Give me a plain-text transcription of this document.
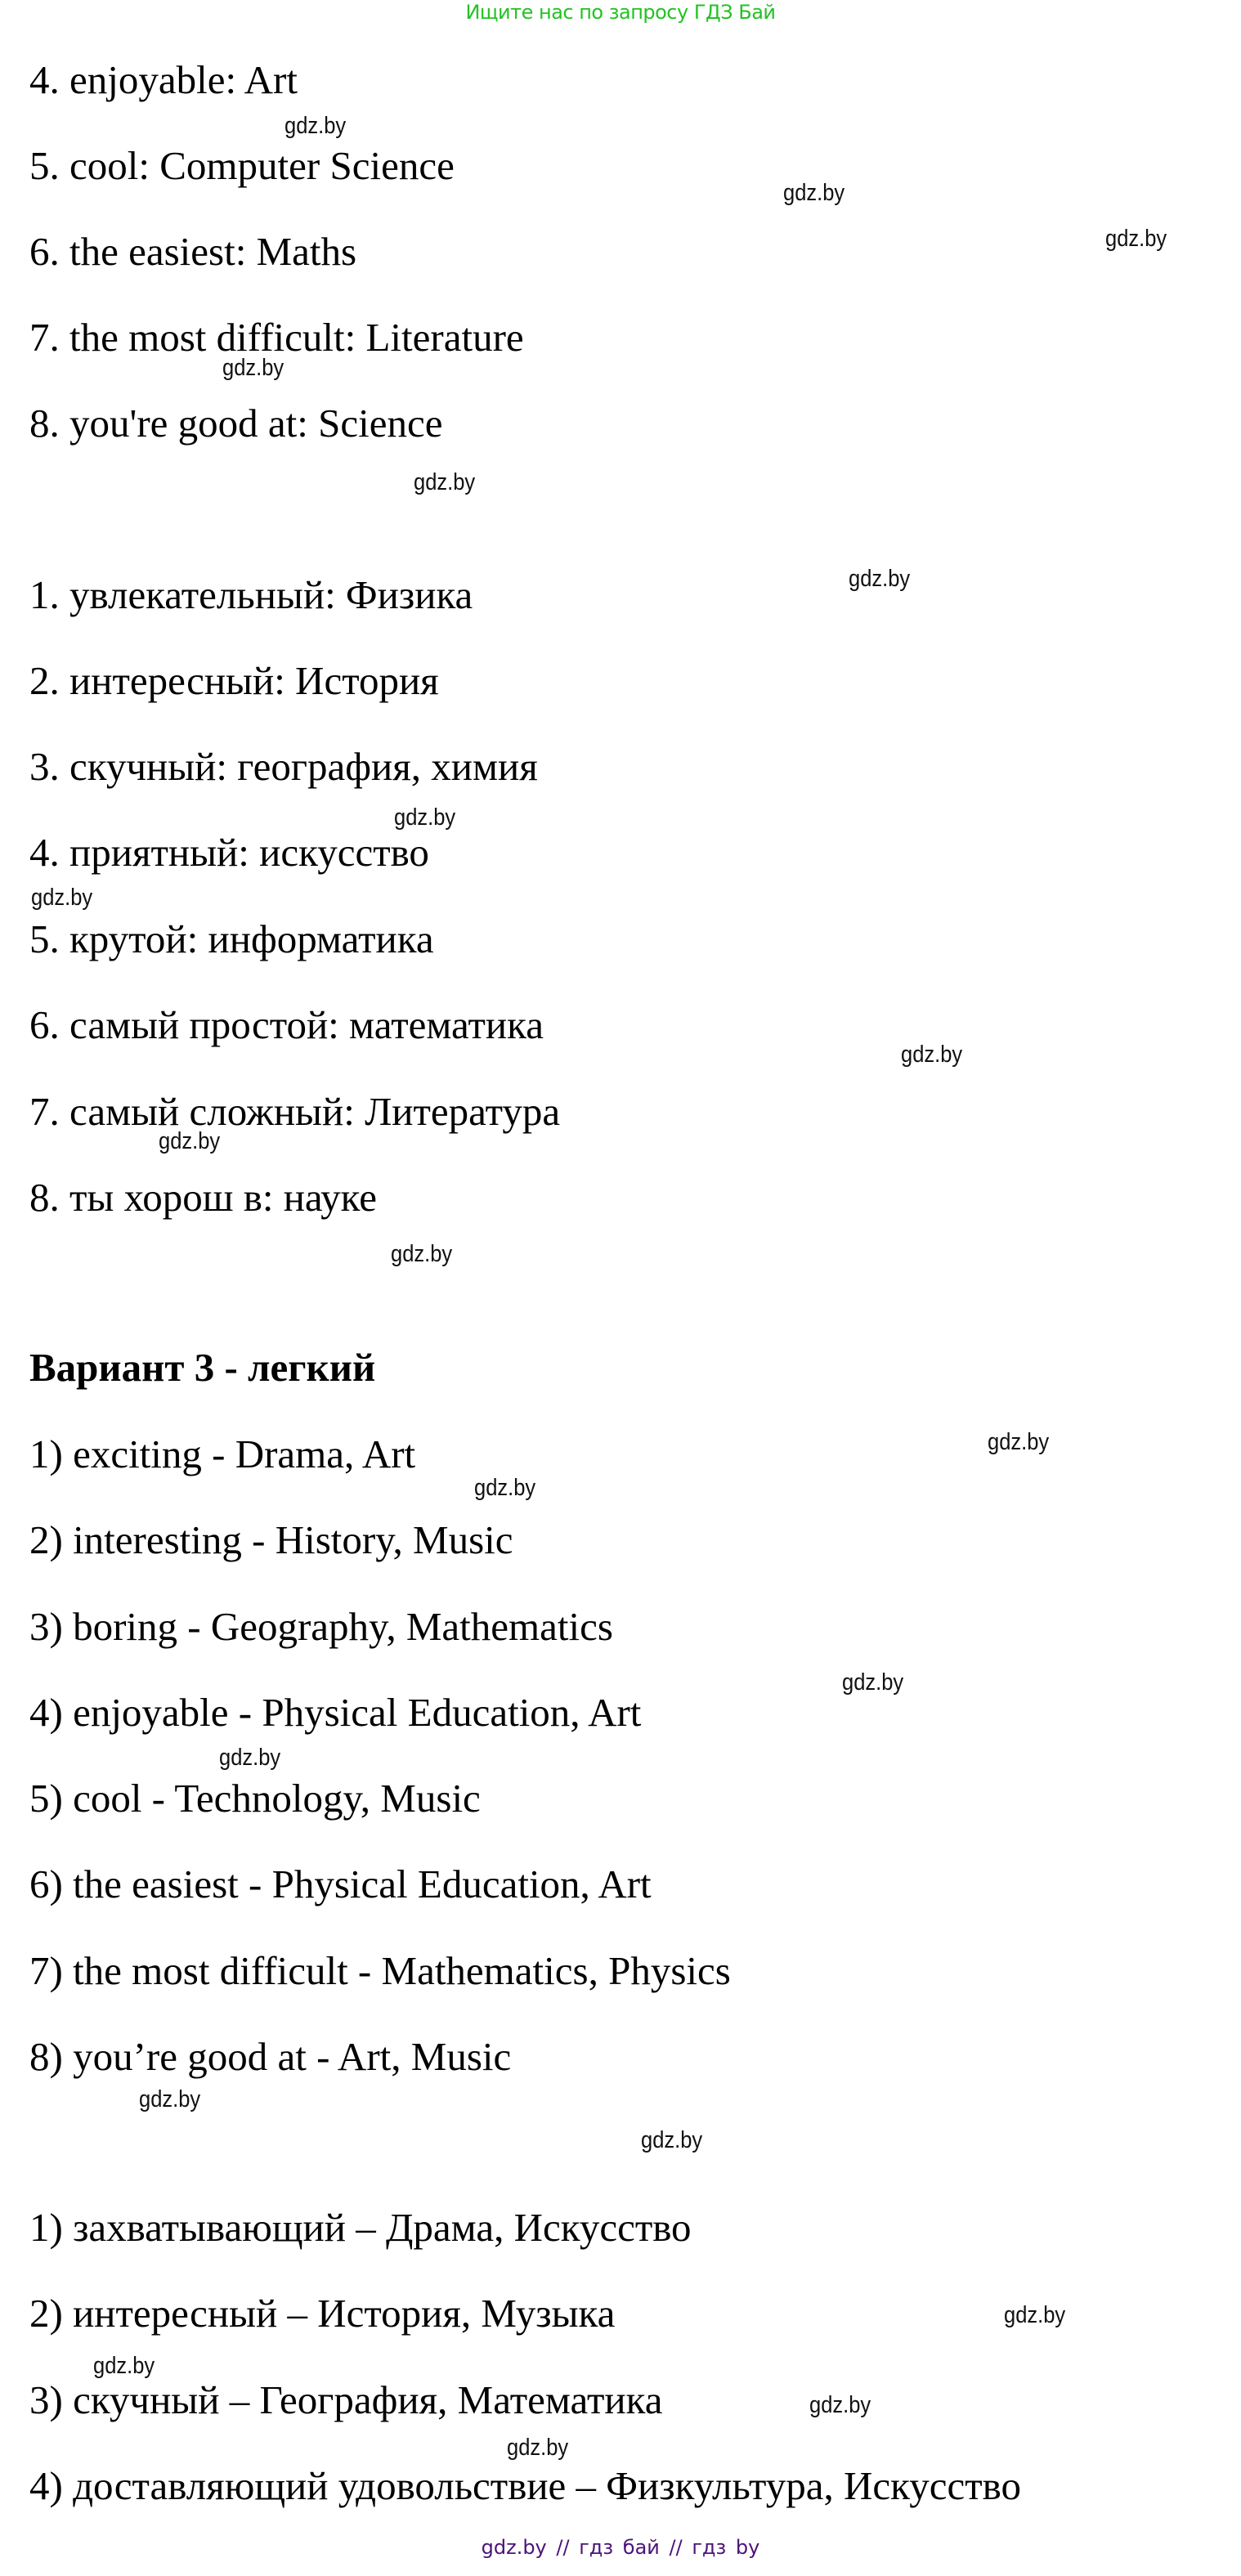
Ищите нас по запросу ГДЗ Бай
4. enjoyable: Art
5. cool: Computer Science
6. the easiest: Maths
7. the most difficult: Literature
8. you're good at: Science
1. увлекательный: Физика
2. интересный: История
3. скучный: география, химия
4. приятный: искусство
5. крутой: информатика
6. самый простой: математика
7. самый сложный: Литература
8. ты хорош в: науке
Вариант 3 - легкий
1) exciting - Drama, Art
2) interesting - History, Music
3) boring - Geography, Mathematics
4) enjoyable - Physical Education, Art
5) cool - Technology, Music
6) the easiest - Physical Education, Art
7) the most difficult - Mathematics, Physics
8) you’re good at - Art, Music
1) захватывающий – Драма, Искусство
2) интересный – История, Музыка
3) скучный – География, Математика
4) доставляющий удовольствие – Физкультура, Искусство
gdz.by
gdz.by
gdz.by
gdz.by
gdz.by
gdz.by
gdz.by
gdz.by
gdz.by
gdz.by
gdz.by
gdz.by
gdz.by
gdz.by
gdz.by
gdz.by
gdz.by
gdz.by
gdz.by
gdz.by
gdz.by
gdz.by // гдз бай // гдз by
